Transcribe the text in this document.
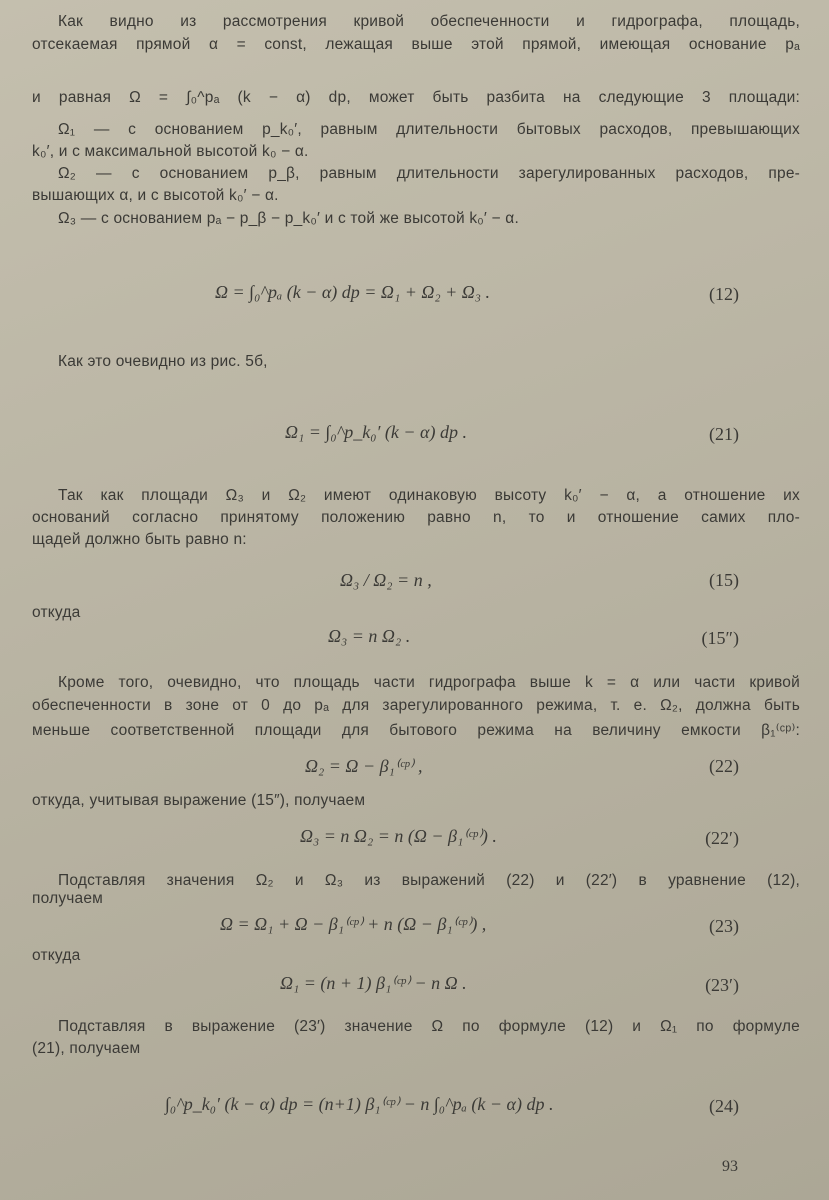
Как видно из рассмотрения кривой обеспеченности и гидрографа, площадь,
отсекаемая прямой α = const, лежащая выше этой прямой, имеющая основание pₐ
и равная Ω = ∫₀^pₐ (k − α) dp, может быть разбита на следующие 3 площади:
Ω₁ — с основанием p_k₀′, равным длительности бытовых расходов, превышающих
k₀′, и с максимальной высотой k₀ − α.
Ω₂ — с основанием p_β, равным длительности зарегулированных расходов, пре-
вышающих α, и с высотой k₀′ − α.
Ω₃ — с основанием pₐ − p_β − p_k₀′ и с той же высотой k₀′ − α.
Ω = ∫₀^pₐ (k − α) dp = Ω₁ + Ω₂ + Ω₃ .	(12)
Как это очевидно из рис. 5б,
Ω₁ = ∫₀^p_k₀′ (k − α) dp .	(21)
Так как площади Ω₃ и Ω₂ имеют одинаковую высоту k₀′ − α, а отношение их
оснований согласно принятому положению равно n, то и отношение самих пло-
щадей должно быть равно n:
Ω₃ / Ω₂ = n ,	(15)
откуда
Ω₃ = n Ω₂ .	(15″)
Кроме того, очевидно, что площадь части гидрографа выше k = α или части кривой
обеспеченности в зоне от 0 до pₐ для зарегулированного режима, т. е. Ω₂, должна быть
меньше соответственной площади для бытового режима на величину емкости β₁⁽ᶜᵖ⁾:
Ω₂ = Ω − β₁⁽ᶜᵖ⁾ ,	(22)
откуда, учитывая выражение (15″), получаем
Ω₃ = n Ω₂ = n (Ω − β₁⁽ᶜᵖ⁾) .	(22′)
Подставляя значения Ω₂ и Ω₃ из выражений (22) и (22′) в уравнение (12),
получаем
Ω = Ω₁ + Ω − β₁⁽ᶜᵖ⁾ + n (Ω − β₁⁽ᶜᵖ⁾) ,	(23)
откуда
Ω₁ = (n + 1) β₁⁽ᶜᵖ⁾ − n Ω .	(23′)
Подставляя в выражение (23′) значение Ω по формуле (12) и Ω₁ по формуле
(21), получаем
∫₀^p_k₀′ (k − α) dp = (n+1) β₁⁽ᶜᵖ⁾ − n ∫₀^pₐ (k − α) dp .	(24)
93
